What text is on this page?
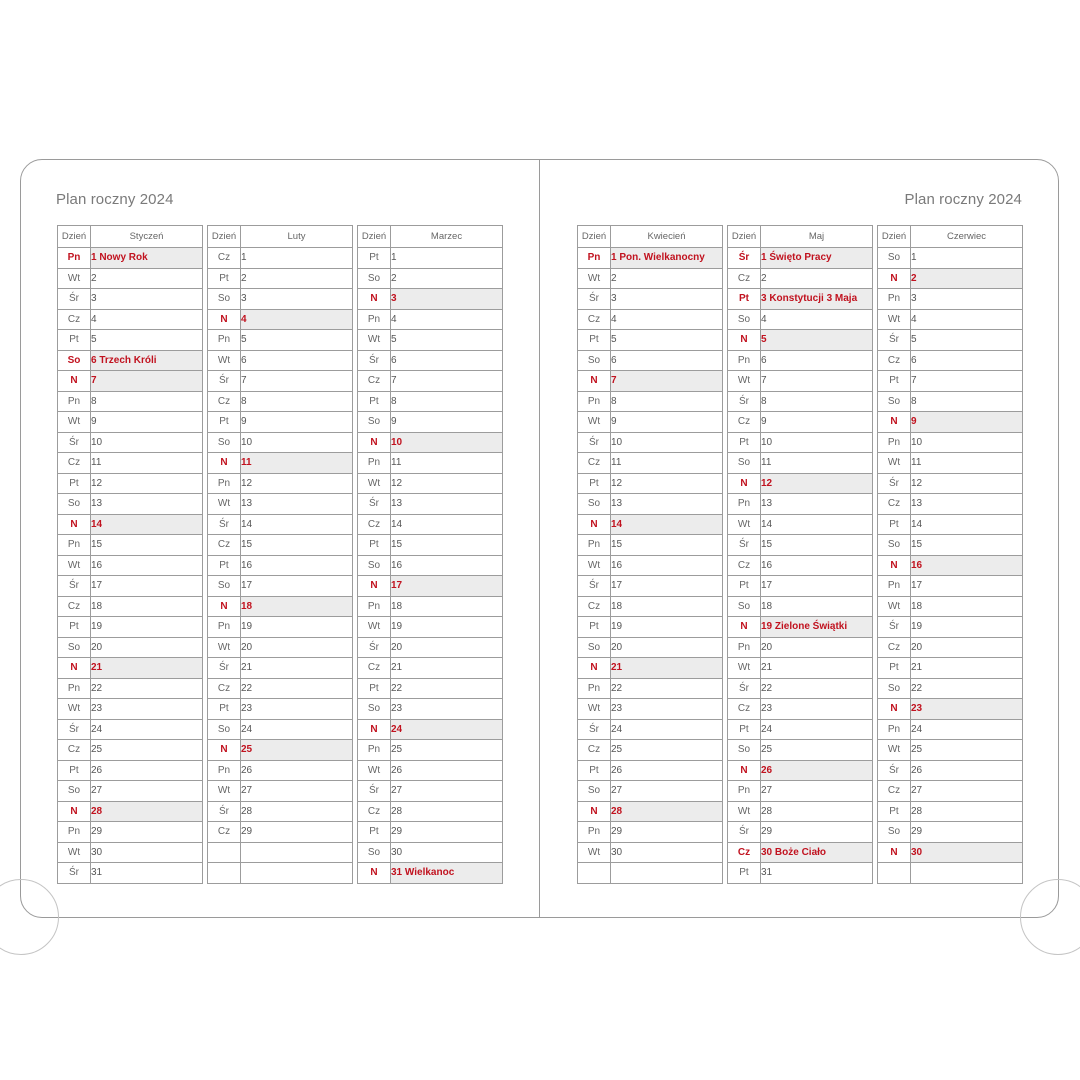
Plan roczny 2024	Plan roczny 2024
Dzień	Styczeń
Pn	1 Nowy Rok
Wt	2
Śr	3
Cz	4
Pt	5
So	6 Trzech Króli
N	7
Pn	8
Wt	9
Śr	10
Cz	11
Pt	12
So	13
N	14
Pn	15
Wt	16
Śr	17
Cz	18
Pt	19
So	20
N	21
Pn	22
Wt	23
Śr	24
Cz	25
Pt	26
So	27
N	28
Pn	29
Wt	30
Śr	31
Dzień	Luty
Cz	1
Pt	2
So	3
N	4
Pn	5
Wt	6
Śr	7
Cz	8
Pt	9
So	10
N	11
Pn	12
Wt	13
Śr	14
Cz	15
Pt	16
So	17
N	18
Pn	19
Wt	20
Śr	21
Cz	22
Pt	23
So	24
N	25
Pn	26
Wt	27
Śr	28
Cz	29

Dzień	Marzec
Pt	1
So	2
N	3
Pn	4
Wt	5
Śr	6
Cz	7
Pt	8
So	9
N	10
Pn	11
Wt	12
Śr	13
Cz	14
Pt	15
So	16
N	17
Pn	18
Wt	19
Śr	20
Cz	21
Pt	22
So	23
N	24
Pn	25
Wt	26
Śr	27
Cz	28
Pt	29
So	30
N	31 Wielkanoc
Dzień	Kwiecień
Pn	1 Pon. Wielkanocny
Wt	2
Śr	3
Cz	4
Pt	5
So	6
N	7
Pn	8
Wt	9
Śr	10
Cz	11
Pt	12
So	13
N	14
Pn	15
Wt	16
Śr	17
Cz	18
Pt	19
So	20
N	21
Pn	22
Wt	23
Śr	24
Cz	25
Pt	26
So	27
N	28
Pn	29
Wt	30

Dzień	Maj
Śr	1 Święto Pracy
Cz	2
Pt	3 Konstytucji 3 Maja
So	4
N	5
Pn	6
Wt	7
Śr	8
Cz	9
Pt	10
So	11
N	12
Pn	13
Wt	14
Śr	15
Cz	16
Pt	17
So	18
N	19 Zielone Świątki
Pn	20
Wt	21
Śr	22
Cz	23
Pt	24
So	25
N	26
Pn	27
Wt	28
Śr	29
Cz	30 Boże Ciało
Pt	31
Dzień	Czerwiec
So	1
N	2
Pn	3
Wt	4
Śr	5
Cz	6
Pt	7
So	8
N	9
Pn	10
Wt	11
Śr	12
Cz	13
Pt	14
So	15
N	16
Pn	17
Wt	18
Śr	19
Cz	20
Pt	21
So	22
N	23
Pn	24
Wt	25
Śr	26
Cz	27
Pt	28
So	29
N	30
